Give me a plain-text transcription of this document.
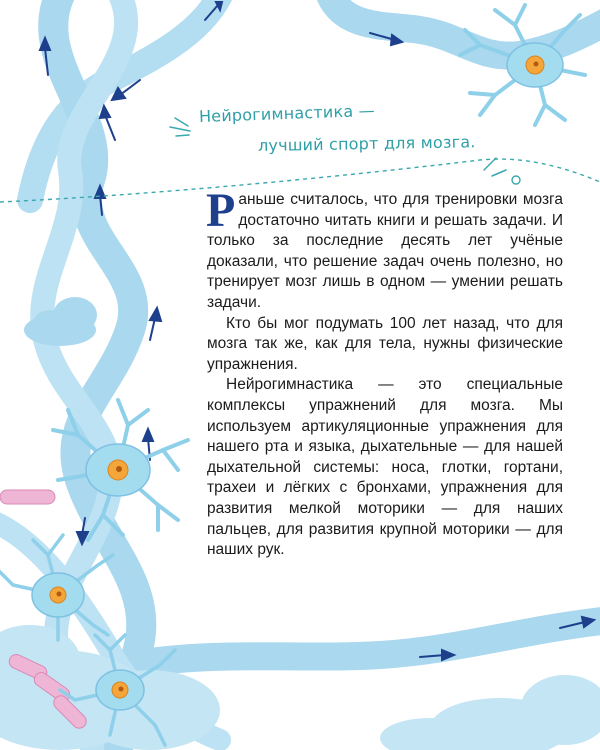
Нейрогимнастика —
лучший спорт для мозга.

Раньше считалось, что для тренировки мозга достаточно читать книги и решать задачи. И только за последние десять лет учёные доказали, что решение задач очень полезно, но тренирует мозг лишь в одном — умении решать задачи.

Кто бы мог подумать 100 лет назад, что для мозга так же, как для тела, нужны физические упражнения.

Нейрогимнастика — это специальные комплексы упражнений для мозга. Мы используем артикуляционные упражнения для нашего рта и языка, дыхательные — для нашей дыхательной системы: носа, глотки, гортани, трахеи и лёгких с бронхами, упражнения для развития мелкой моторики — для наших пальцев, для развития крупной моторики — для наших рук.
